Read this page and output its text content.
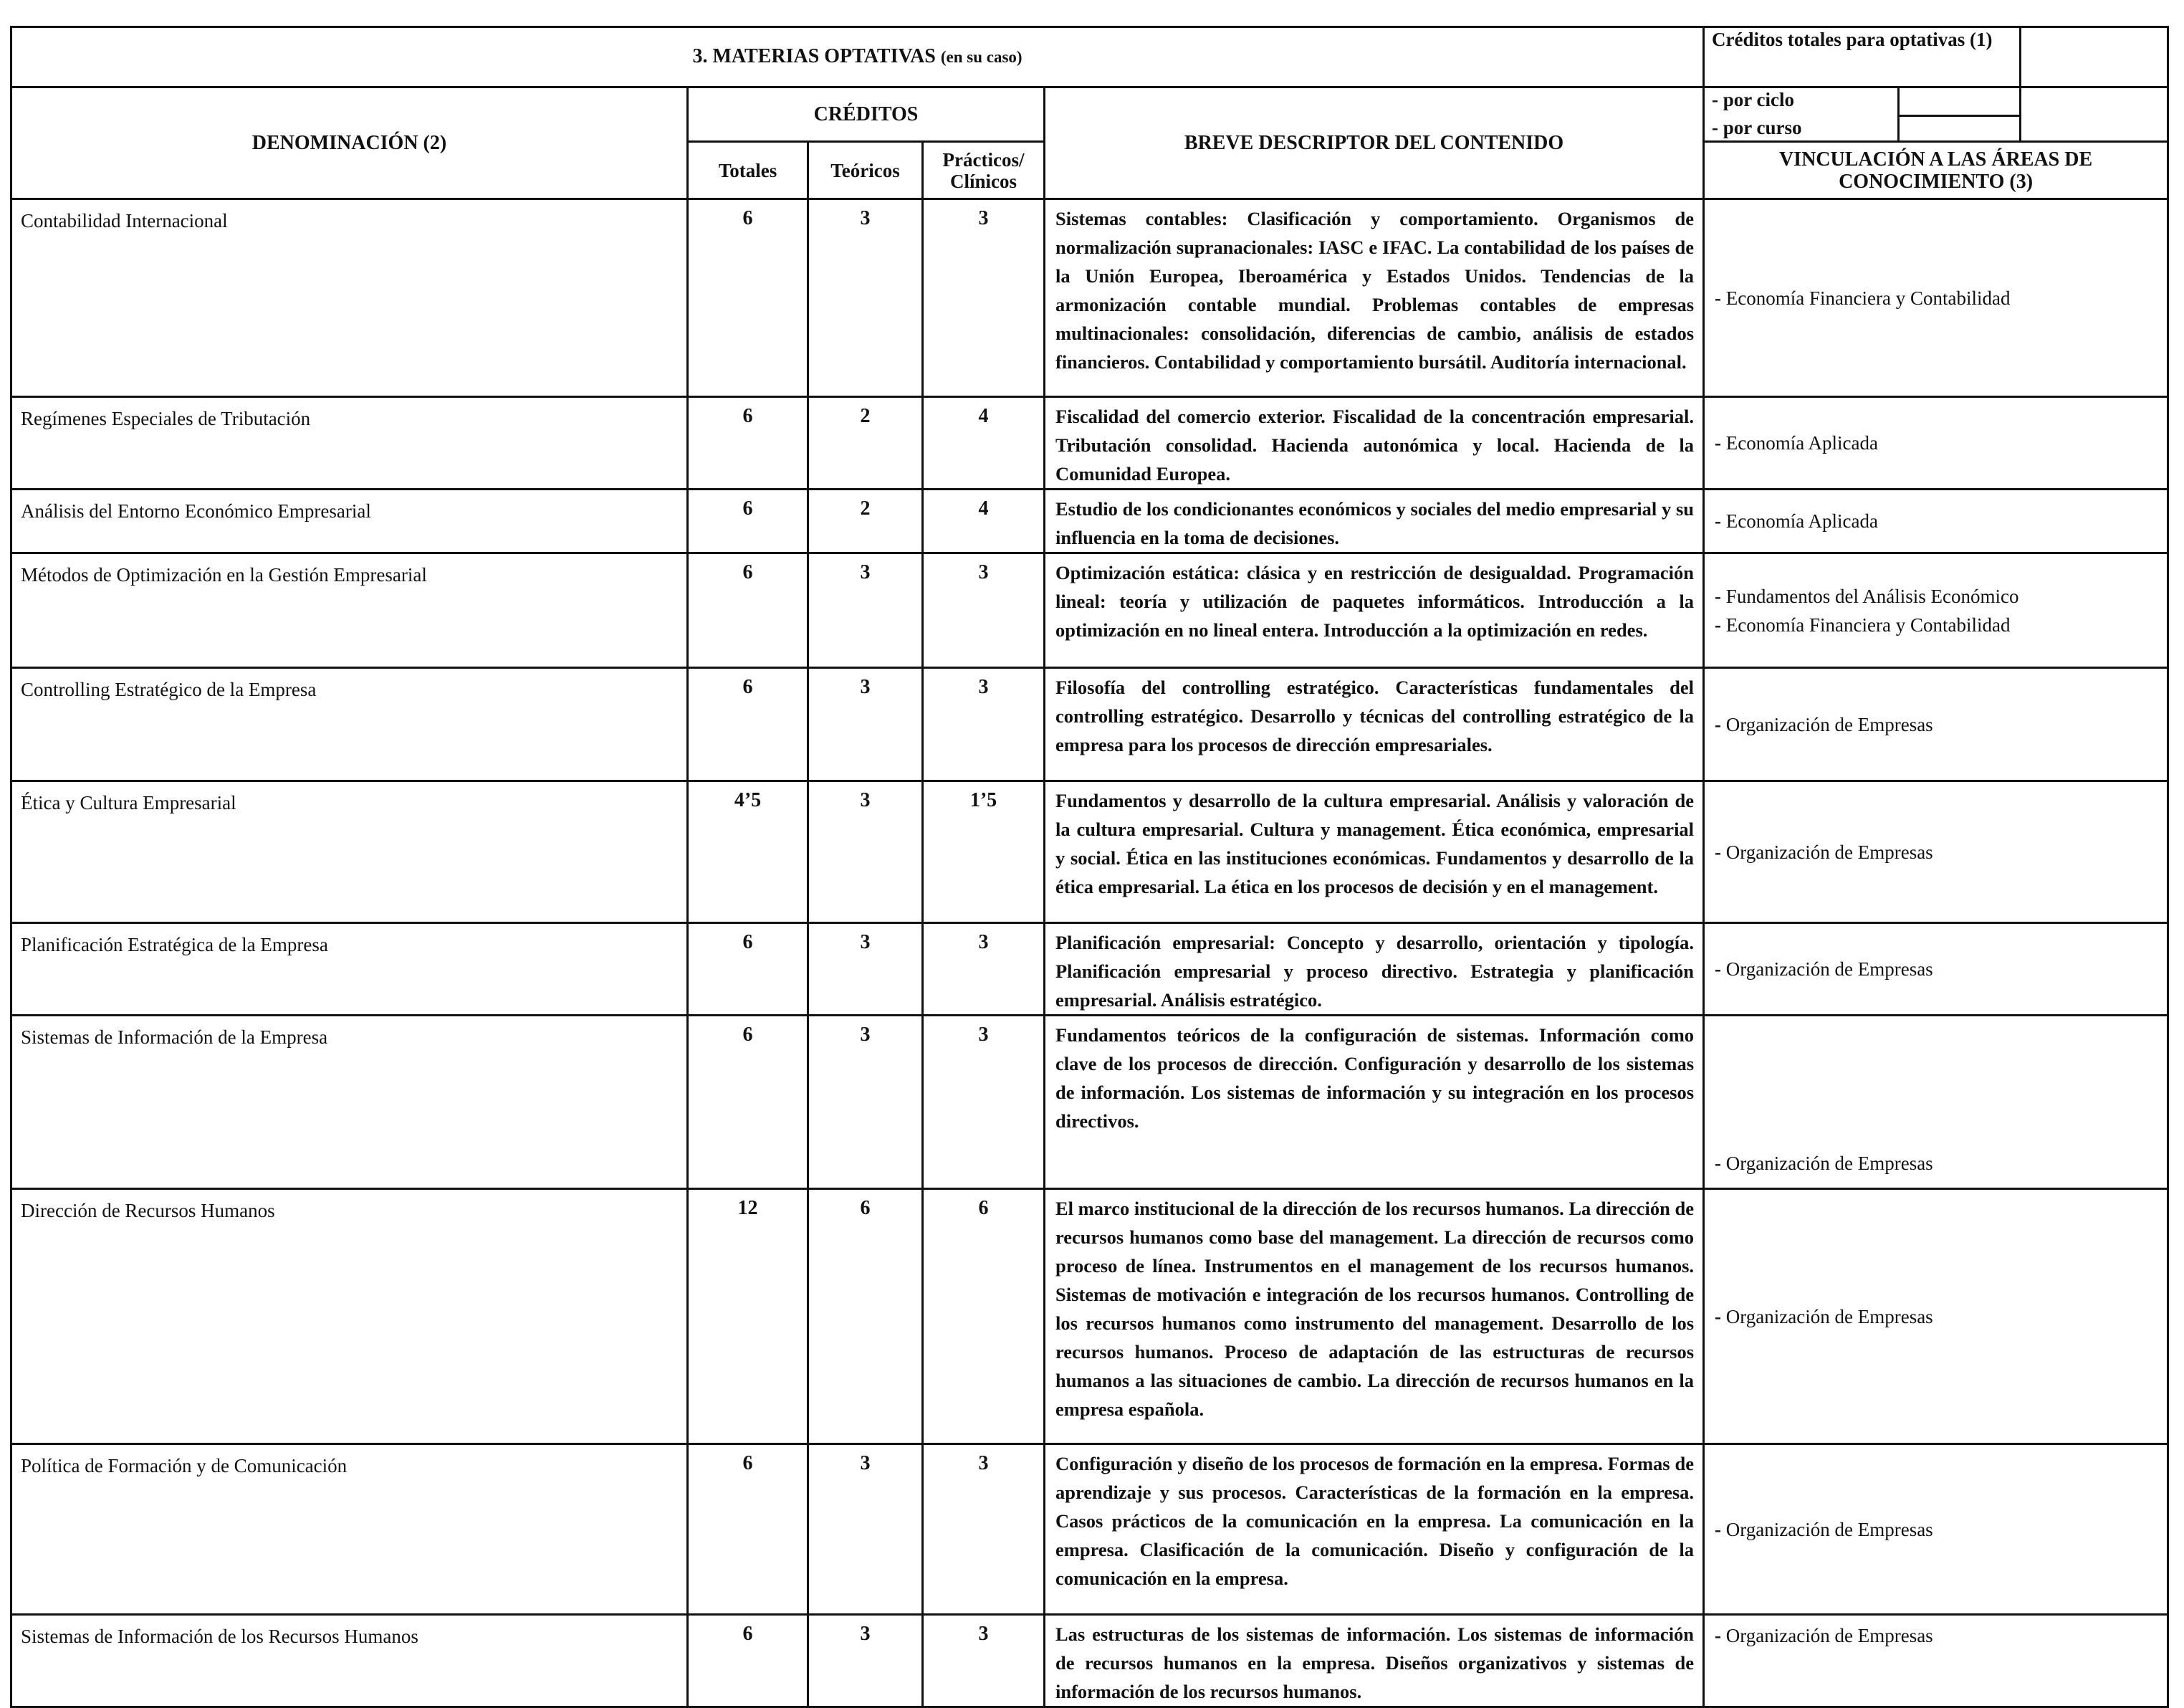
3. MATERIAS OPTATIVAS (en su caso)					Créditos totales para optativas (1)		
DENOMINACIÓN (2)	CRÉDITOS			BREVE DESCRIPTOR DEL CONTENIDO	- por ciclo		
					- por curso		
	Totales	Teóricos	Prácticos/ Clínicos		VINCULACIÓN A LAS ÁREAS DE CONOCIMIENTO (3)		
Contabilidad Internacional	6	3	3	Sistemas contables: Clasificación y comportamiento. Organismos de normalización supranacionales: IASC e IFAC. La contabilidad de los países de la Unión Europea, Iberoamérica y Estados Unidos. Tendencias de la armonización contable mundial. Problemas contables de empresas multinacionales: consolidación, diferencias de cambio, análisis de estados financieros. Contabilidad y comportamiento bursátil. Auditoría internacional.	- Economía Financiera y Contabilidad

Regímenes Especiales de Tributación	6	2	4	Fiscalidad del comercio exterior. Fiscalidad de la concentración empresarial. Tributación consolidad. Hacienda autonómica y local. Hacienda de la Comunidad Europea.	- Economía Aplicada

Análisis del Entorno Económico Empresarial	6	2	4	Estudio de los condicionantes económicos y sociales del medio empresarial y su influencia en la toma de decisiones.	- Economía Aplicada

Métodos de Optimización en la Gestión Empresarial	6	3	3	Optimización estática: clásica y en restricción de desigualdad. Programación lineal: teoría y utilización de paquetes informáticos. Introducción a la optimización en no lineal entera. Introducción a la optimización en redes.	- Fundamentos del Análisis Económico
- Economía Financiera y Contabilidad

Controlling Estratégico de la Empresa	6	3	3	Filosofía del controlling estratégico. Características fundamentales del controlling estratégico. Desarrollo y técnicas del controlling estratégico de la empresa para los procesos de dirección empresariales.	- Organización de Empresas

Ética y Cultura Empresarial	4’5	3	1’5	Fundamentos y desarrollo de la cultura empresarial. Análisis y valoración de la cultura empresarial. Cultura y management. Ética económica, empresarial y social. Ética en las instituciones económicas. Fundamentos y desarrollo de la ética empresarial. La ética en los procesos de decisión y en el management.	- Organización de Empresas

Planificación Estratégica de la Empresa	6	3	3	Planificación empresarial: Concepto y desarrollo, orientación y tipología. Planificación empresarial y proceso directivo. Estrategia y planificación empresarial. Análisis estratégico.	- Organización de Empresas

Sistemas de Información de la Empresa	6	3	3	Fundamentos teóricos de la configuración de sistemas. Información como clave de los procesos de dirección. Configuración y desarrollo de los sistemas de información. Los sistemas de información y su integración en los procesos directivos.	- Organización de Empresas

Dirección de Recursos Humanos	12	6	6	El marco institucional de la dirección de los recursos humanos. La dirección de recursos humanos como base del management. La dirección de recursos como proceso de línea. Instrumentos en el management de los recursos humanos. Sistemas de motivación e integración de los recursos humanos. Controlling de los recursos humanos como instrumento del management. Desarrollo de los recursos humanos. Proceso de adaptación de las estructuras de recursos humanos a las situaciones de cambio. La dirección de recursos humanos en la empresa española.	- Organización de Empresas

Política de Formación y de Comunicación	6	3	3	Configuración y diseño de los procesos de formación en la empresa. Formas de aprendizaje y sus procesos. Características de la formación en la empresa. Casos prácticos de la comunicación en la empresa. La comunicación en la empresa. Clasificación de la comunicación. Diseño y configuración de la comunicación en la empresa.	- Organización de Empresas

Sistemas de Información de los Recursos Humanos	6	3	3	Las estructuras de los sistemas de información. Los sistemas de información de recursos humanos en la empresa. Diseños organizativos y sistemas de información de los recursos humanos.	- Organización de Empresas
